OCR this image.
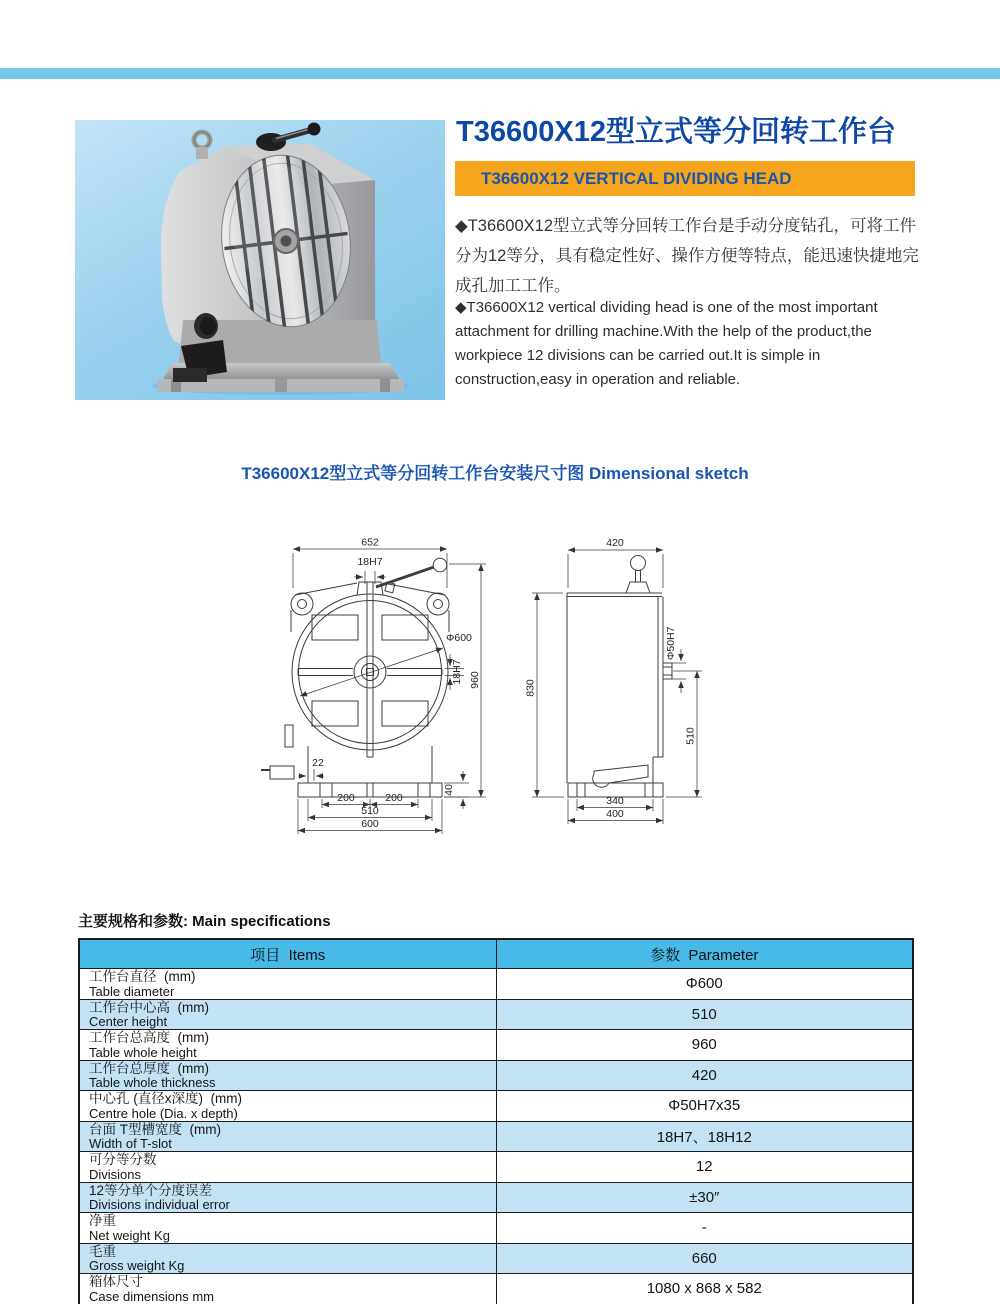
T36600X12型立式等分回转工作台
T36600X12 VERTICAL DIVIDING HEAD

◆T36600X12型立式等分回转工作台是手动分度钻孔，可将工件分为12等分，具有稳定性好、操作方便等特点，能迅速快捷地完成孔加工工作。

◆T36600X12 vertical dividing head is one of the most important attachment for drilling machine.With the help of the product,the workpiece 12 divisions can be carried out.It is simple in construction,easy in operation and reliable.

T36600X12型立式等分回转工作台安装尺寸图 Dimensional sketch
652
18H7
Φ600
18H7 960
40
22
200	200
510
600
420
830
Φ50H7
510
340
400
主要规格和参数: Main specifications
项目  Items	参数  Parameter

工作台直径  (mm)
Table diameter	Φ600

工作台中心高  (mm)
Center height	510

工作台总高度  (mm)
Table whole height	960

工作台总厚度  (mm)
Table whole thickness	420

中心孔 (直径x深度)  (mm)
Centre hole (Dia. x depth)	Φ50H7x35

台面 T型槽宽度  (mm)
Width of T-slot	18H7、18H12

可分等分数
Divisions	12

12等分单个分度误差
Divisions individual error	±30″

净重
Net weight Kg	-

毛重
Gross weight Kg	660

箱体尺寸
Case dimensions mm	1080 x 868 x 582
